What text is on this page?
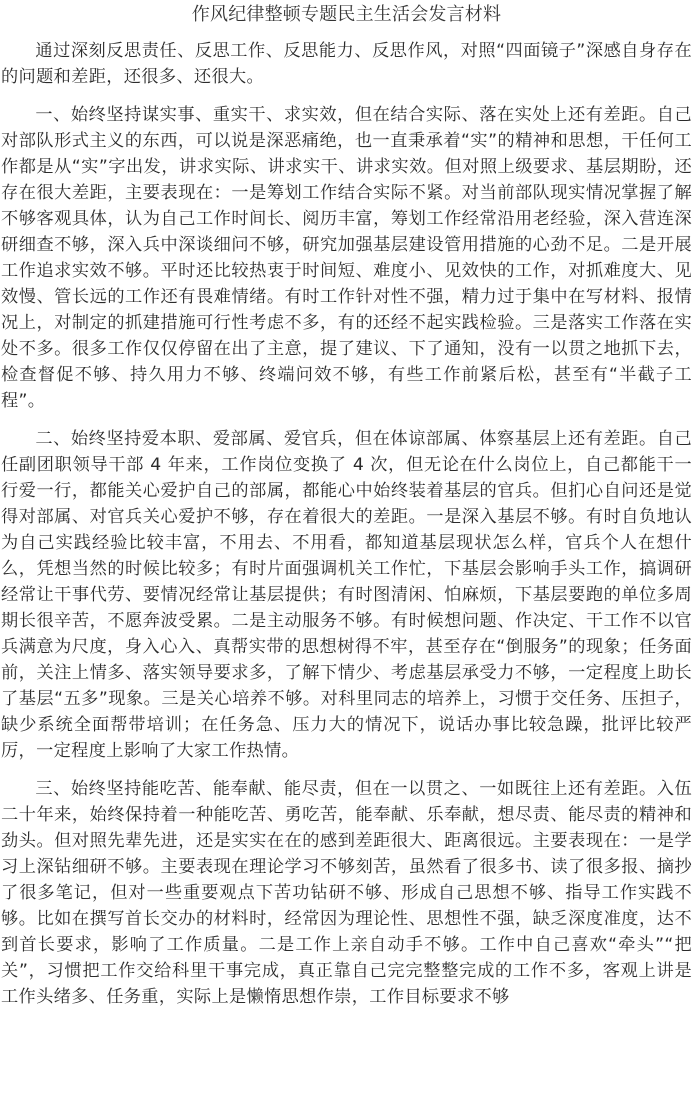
作风纪律整顿专题民主生活会发言材料

通过深刻反思责任、反思工作、反思能力、反思作风，对照“四面镜子”深感自身存在的问题和差距，还很多、还很大。

一、始终坚持谋实事、重实干、求实效，但在结合实际、落在实处上还有差距。自己对部队形式主义的东西，可以说是深恶痛绝，也一直秉承着“实”的精神和思想，干任何工作都是从“实”字出发，讲求实际、讲求实干、讲求实效。但对照上级要求、基层期盼，还存在很大差距，主要表现在：一是筹划工作结合实际不紧。对当前部队现实情况掌握了解不够客观具体，认为自己工作时间长、阅历丰富，筹划工作经常沿用老经验，深入营连深研细查不够，深入兵中深谈细问不够，研究加强基层建设管用措施的心劲不足。二是开展工作追求实效不够。平时还比较热衷于时间短、难度小、见效快的工作，对抓难度大、见效慢、管长远的工作还有畏难情绪。有时工作针对性不强，精力过于集中在写材料、报情况上，对制定的抓建措施可行性考虑不多，有的还经不起实践检验。三是落实工作落在实处不多。很多工作仅仅停留在出了主意，提了建议、下了通知，没有一以贯之地抓下去，检查督促不够、持久用力不够、终端问效不够，有些工作前紧后松，甚至有“半截子工程”。

二、始终坚持爱本职、爱部属、爱官兵，但在体谅部属、体察基层上还有差距。自己任副团职领导干部 4 年来，工作岗位变换了 4 次，但无论在什么岗位上，自己都能干一行爱一行，都能关心爱护自己的部属，都能心中始终装着基层的官兵。但扪心自问还是觉得对部属、对官兵关心爱护不够，存在着很大的差距。一是深入基层不够。有时自负地认为自己实践经验比较丰富，不用去、不用看，都知道基层现状怎么样，官兵个人在想什么，凭想当然的时候比较多；有时片面强调机关工作忙，下基层会影响手头工作，搞调研经常让干事代劳、要情况经常让基层提供；有时图清闲、怕麻烦，下基层要跑的单位多周期长很辛苦，不愿奔波受累。二是主动服务不够。有时候想问题、作决定、干工作不以官兵满意为尺度，身入心入、真帮实带的思想树得不牢，甚至存在“倒服务”的现象；任务面前，关注上情多、落实领导要求多，了解下情少、考虑基层承受力不够，一定程度上助长了基层“五多”现象。三是关心培养不够。对科里同志的培养上，习惯于交任务、压担子，缺少系统全面帮带培训；在任务急、压力大的情况下，说话办事比较急躁，批评比较严厉，一定程度上影响了大家工作热情。

三、始终坚持能吃苦、能奉献、能尽责，但在一以贯之、一如既往上还有差距。入伍二十年来，始终保持着一种能吃苦、勇吃苦，能奉献、乐奉献，想尽责、能尽责的精神和劲头。但对照先辈先进，还是实实在在的感到差距很大、距离很远。主要表现在：一是学习上深钻细研不够。主要表现在理论学习不够刻苦，虽然看了很多书、读了很多报、摘抄了很多笔记，但对一些重要观点下苦功钻研不够、形成自己思想不够、指导工作实践不够。比如在撰写首长交办的材料时，经常因为理论性、思想性不强，缺乏深度准度，达不到首长要求，影响了工作质量。二是工作上亲自动手不够。工作中自己喜欢“牵头”“把关”，习惯把工作交给科里干事完成，真正靠自己完完整整完成的工作不多，客观上讲是工作头绪多、任务重，实际上是懒惰思想作崇，工作目标要求不够
